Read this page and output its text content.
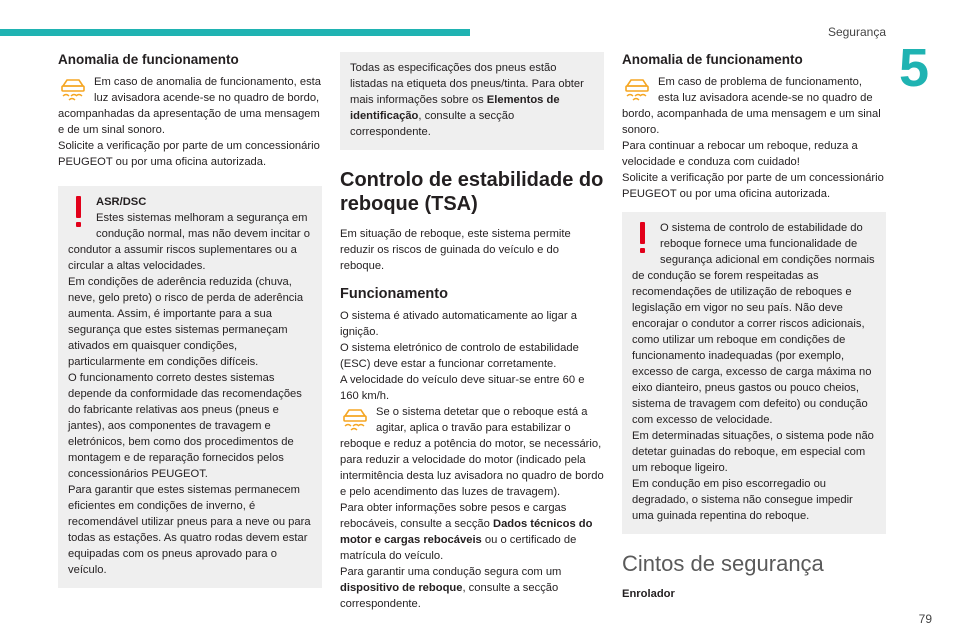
Segurança
5
79
Anomalia de funcionamento

Em caso de anomalia de funcionamento, esta luz avisadora acende-se no quadro de bordo, acompanhadas da apresentação de uma mensagem e de um sinal sonoro.

Solicite a verificação por parte de um concessionário PEUGEOT ou por uma oficina autorizada.

ASR/DSC

Estes sistemas melhoram a segurança em condução normal, mas não devem incitar o condutor a assumir riscos suplementares ou a circular a altas velocidades.

Em condições de aderência reduzida (chuva, neve, gelo preto) o risco de perda de aderência aumenta. Assim, é importante para a sua segurança que estes sistemas permaneçam ativados em quaisquer condições, particularmente em condições difíceis.

O funcionamento correto destes sistemas depende da conformidade das recomendações do fabricante relativas aos pneus (pneus e jantes), aos componentes de travagem e eletrónicos, bem como dos procedimentos de montagem e de reparação fornecidos pelos concessionários PEUGEOT.

Para garantir que estes sistemas permanecem eficientes em condições de inverno, é recomendável utilizar pneus para a neve ou para todas as estações. As quatro rodas devem estar equipadas com os pneus aprovado para o veículo.

Todas as especificações dos pneus estão listadas na etiqueta dos pneus/tinta. Para obter mais informações sobre os Elementos de identificação, consulte a secção correspondente.

Controlo de estabilidade do reboque (TSA)

Em situação de reboque, este sistema permite reduzir os riscos de guinada do veículo e do reboque.

Funcionamento

O sistema é ativado automaticamente ao ligar a ignição.

O sistema eletrónico de controlo de estabilidade (ESC) deve estar a funcionar corretamente.

A velocidade do veículo deve situar-se entre 60 e 160 km/h.

Se o sistema detetar que o reboque está a agitar, aplica o travão para estabilizar o reboque e reduz a potência do motor, se necessário, para reduzir a velocidade do motor (indicado pela intermitência desta luz avisadora no quadro de bordo e pelo acendimento das luzes de travagem).

Para obter informações sobre pesos e cargas rebocáveis, consulte a secção Dados técnicos do motor e cargas rebocáveis ou o certificado de matrícula do veículo.

Para garantir uma condução segura com um dispositivo de reboque, consulte a secção correspondente.

Anomalia de funcionamento

Em caso de problema de funcionamento, esta luz avisadora acende-se no quadro de bordo, acompanhada de uma mensagem e um sinal sonoro.

Para continuar a rebocar um reboque, reduza a velocidade e conduza com cuidado!

Solicite a verificação por parte de um concessionário PEUGEOT ou por uma oficina autorizada.

O sistema de controlo de estabilidade do reboque fornece uma funcionalidade de segurança adicional em condições normais de condução se forem respeitadas as recomendações de utilização de reboques e legislação em vigor no seu país. Não deve encorajar o condutor a correr riscos adicionais, como utilizar um reboque em condições de funcionamento inadequadas (por exemplo, excesso de carga, excesso de carga máxima no eixo dianteiro, pneus gastos ou pouco cheios, sistema de travagem com defeito) ou condução com excesso de velocidade.

Em determinadas situações, o sistema pode não detetar guinadas do reboque, em especial com um reboque ligeiro.

Em condução em piso escorregadio ou degradado, o sistema não consegue impedir uma guinada repentina do reboque.

Cintos de segurança

Enrolador
